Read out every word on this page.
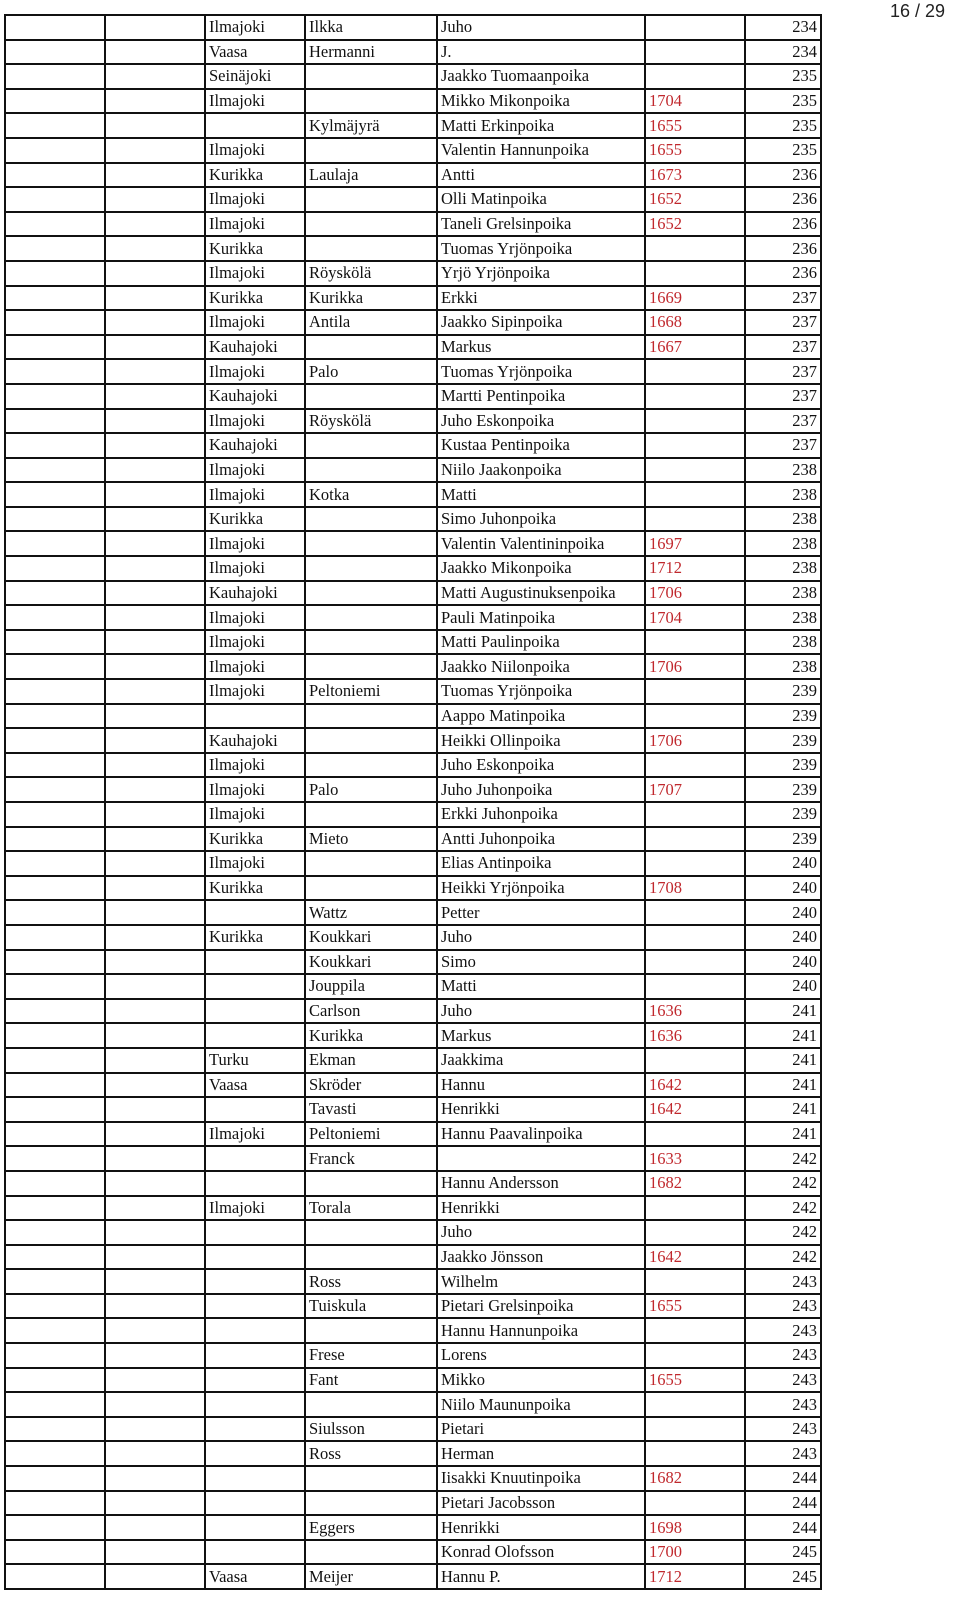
16 / 29
		Ilmajoki	Ilkka	Juho		234
		Vaasa	Hermanni	J.		234
		Seinäjoki		Jaakko Tuomaanpoika		235
		Ilmajoki		Mikko Mikonpoika	1704	235
			Kylmäjyrä	Matti Erkinpoika	1655	235
		Ilmajoki		Valentin Hannunpoika	1655	235
		Kurikka	Laulaja	Antti	1673	236
		Ilmajoki		Olli Matinpoika	1652	236
		Ilmajoki		Taneli Grelsinpoika	1652	236
		Kurikka		Tuomas Yrjönpoika		236
		Ilmajoki	Röyskölä	Yrjö Yrjönpoika		236
		Kurikka	Kurikka	Erkki	1669	237
		Ilmajoki	Antila	Jaakko Sipinpoika	1668	237
		Kauhajoki		Markus	1667	237
		Ilmajoki	Palo	Tuomas Yrjönpoika		237
		Kauhajoki		Martti Pentinpoika		237
		Ilmajoki	Röyskölä	Juho Eskonpoika		237
		Kauhajoki		Kustaa Pentinpoika		237
		Ilmajoki		Niilo Jaakonpoika		238
		Ilmajoki	Kotka	Matti		238
		Kurikka		Simo Juhonpoika		238
		Ilmajoki		Valentin Valentininpoika	1697	238
		Ilmajoki		Jaakko Mikonpoika	1712	238
		Kauhajoki		Matti Augustinuksenpoika	1706	238
		Ilmajoki		Pauli Matinpoika	1704	238
		Ilmajoki		Matti Paulinpoika		238
		Ilmajoki		Jaakko Niilonpoika	1706	238
		Ilmajoki	Peltoniemi	Tuomas Yrjönpoika		239
				Aappo Matinpoika		239
		Kauhajoki		Heikki Ollinpoika	1706	239
		Ilmajoki		Juho Eskonpoika		239
		Ilmajoki	Palo	Juho Juhonpoika	1707	239
		Ilmajoki		Erkki Juhonpoika		239
		Kurikka	Mieto	Antti Juhonpoika		239
		Ilmajoki		Elias Antinpoika		240
		Kurikka		Heikki Yrjönpoika	1708	240
			Wattz	Petter		240
		Kurikka	Koukkari	Juho		240
			Koukkari	Simo		240
			Jouppila	Matti		240
			Carlson	Juho	1636	241
			Kurikka	Markus	1636	241
		Turku	Ekman	Jaakkima		241
		Vaasa	Skröder	Hannu	1642	241
			Tavasti	Henrikki	1642	241
		Ilmajoki	Peltoniemi	Hannu Paavalinpoika		241
			Franck		1633	242
				Hannu Andersson	1682	242
		Ilmajoki	Torala	Henrikki		242
				Juho		242
				Jaakko Jönsson	1642	242
			Ross	Wilhelm		243
			Tuiskula	Pietari Grelsinpoika	1655	243
				Hannu Hannunpoika		243
			Frese	Lorens		243
			Fant	Mikko	1655	243
				Niilo Maununpoika		243
			Siulsson	Pietari		243
			Ross	Herman		243
				Iisakki Knuutinpoika	1682	244
				Pietari Jacobsson		244
			Eggers	Henrikki	1698	244
				Konrad Olofsson	1700	245
		Vaasa	Meijer	Hannu P.	1712	245
